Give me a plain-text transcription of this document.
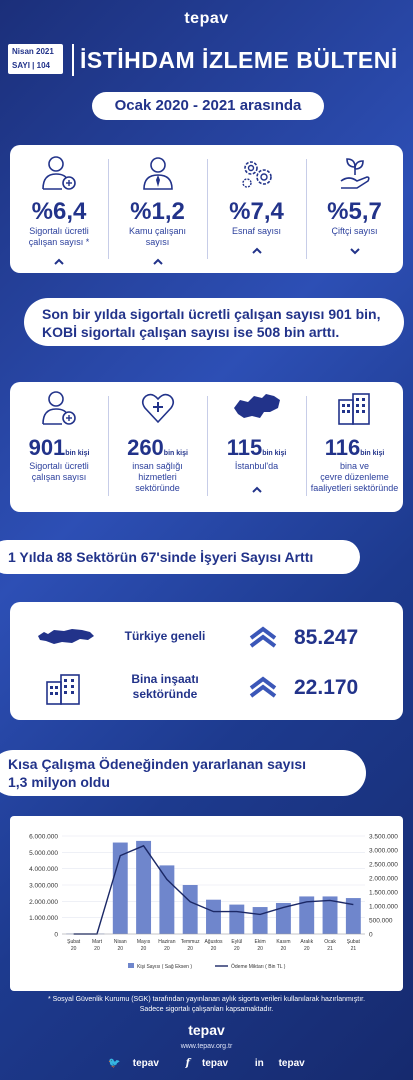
tepav
Nisan 2021
SAYI | 104	İSTİHDAM İZLEME BÜLTENİ
Ocak 2020 - 2021 arasında
%6,4
Sigortalı ücretli
çalışan sayısı *
%1,2
Kamu çalışanı
sayısı
%7,4
Esnaf sayısı
%5,7
Çiftçi sayısı
Son bir yılda sigortalı ücretli çalışan sayısı 901 bin, KOBİ sigortalı çalışan sayısı ise 508 bin arttı.
901bin kişi
Sigortalı ücretli
çalışan sayısı
260bin kişi
insan sağlığı
hizmetleri
sektöründe
115bin kişi
İstanbul'da
116bin kişi
bina ve
çevre düzenleme
faaliyetleri sektöründe
1 Yılda 88 Sektörün 67'sinde İşyeri Sayısı Arttı
Türkiye geneli	85.247
Bina inşaatı
sektöründe	22.170
Kısa Çalışma Ödeneğinden yararlanan sayısı
1,3 milyon oldu
0
1.000.000
2.000.000
3.000.000
4.000.000
5.000.000
6.000.000
0
500.000
1.000.000
1.500.000
2.000.000
2.500.000
3.000.000
3.500.000
Şubat
20
Mart
20
Nisan
20
Mayıs
20
Haziran
20
Temmuz
20
Ağustos
20
Eylül
20
Ekim
20
Kasım
20
Aralık
20
Ocak
21
Şubat
21
Kişi Sayısı ( Sağ Eksen )	Ödeme Miktarı ( Bin TL )
* Sosyal Güvenlik Kurumu (SGK) tarafından yayınlanan aylık sigorta verileri kullanılarak hazırlanmıştır.
Sadece sigortalı çalışanları kapsamaktadır.
tepav
www.tepav.org.tr
🐦 tepav	f tepav	in tepav
